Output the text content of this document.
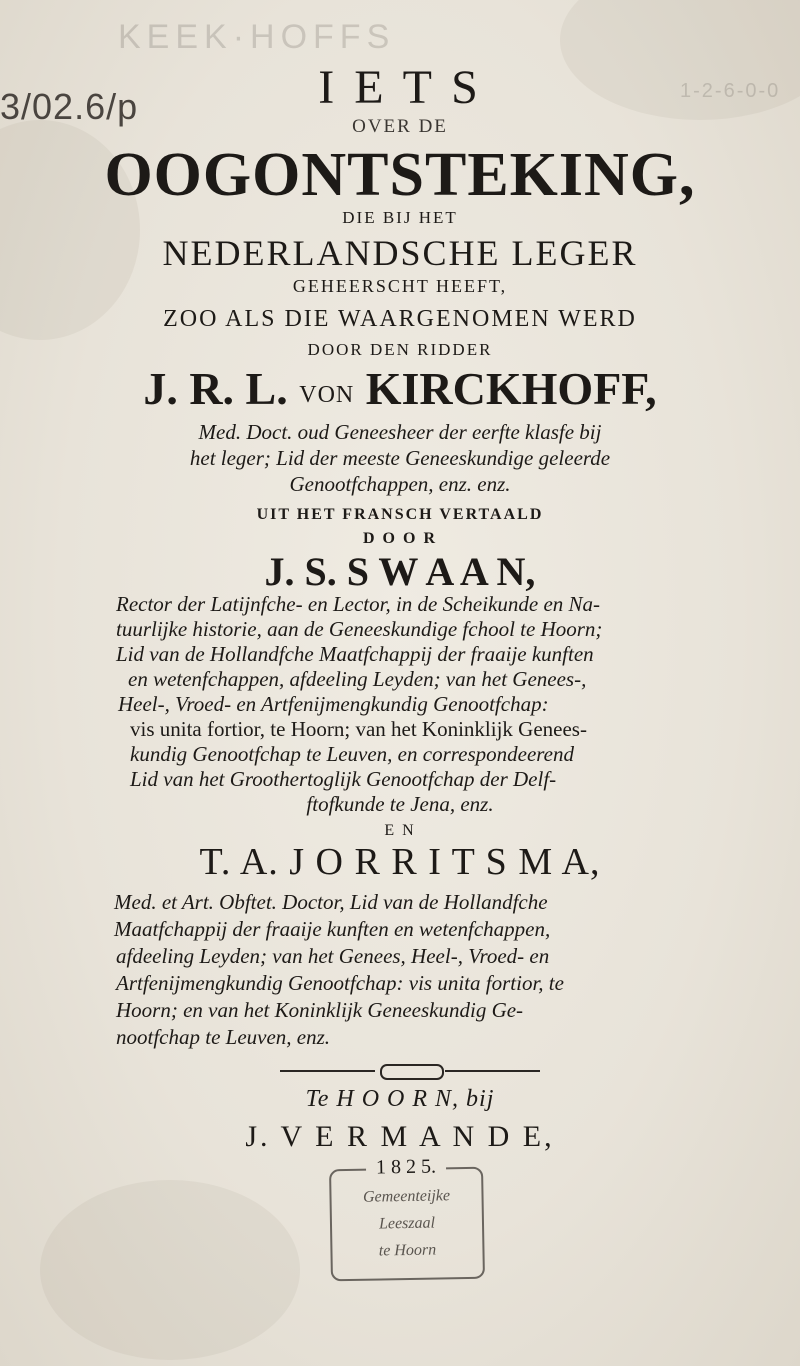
KEEK·HOFFS
3/02.6/p	1-2-6-0-0
I E T S
OVER DE
OOGONTSTEKING,
DIE BIJ HET
NEDERLANDSCHE LEGER
GEHEERSCHT HEEFT,
ZOO ALS DIE WAARGENOMEN WERD
DOOR DEN RIDDER
J. R. L. VON KIRCKHOFF,
Med. Doct. oud Geneesheer der eerfte klasfe bij
het leger; Lid der meeste Geneeskundige geleerde
Genootfchappen, enz. enz.
UIT HET FRANSCH VERTAALD
D O O R
J. S. S W A A N,
Rector der Latijnfche- en Lector, in de Scheikunde en Na-
tuurlijke historie, aan de Geneeskundige fchool te Hoorn;
Lid van de Hollandfche Maatfchappij der fraaije kunften
en wetenfchappen, afdeeling Leyden; van het Genees-,
Heel-, Vroed- en Artfenijmengkundig Genootfchap:
vis unita fortior, te Hoorn; van het Koninklijk Genees-
kundig Genootfchap te Leuven, en correspondeerend
Lid van het Groothertoglijk Genootfchap der Delf-
ftofkunde te Jena, enz.
E N
T. A. J O R R I T S M A,
Med. et Art. Obftet. Doctor, Lid van de Hollandfche
Maatfchappij der fraaije kunften en wetenfchappen,
afdeeling Leyden; van het Genees, Heel-, Vroed- en
Artfenijmengkundig Genootfchap: vis unita fortior, te
Hoorn; en van het Koninklijk Geneeskundig Ge-
nootfchap te Leuven, enz.
Te H O O R N, bij
J. V E R M A N D E,
1 8 2 5.
Gemeenteijke
Leeszaal
te Hoorn
